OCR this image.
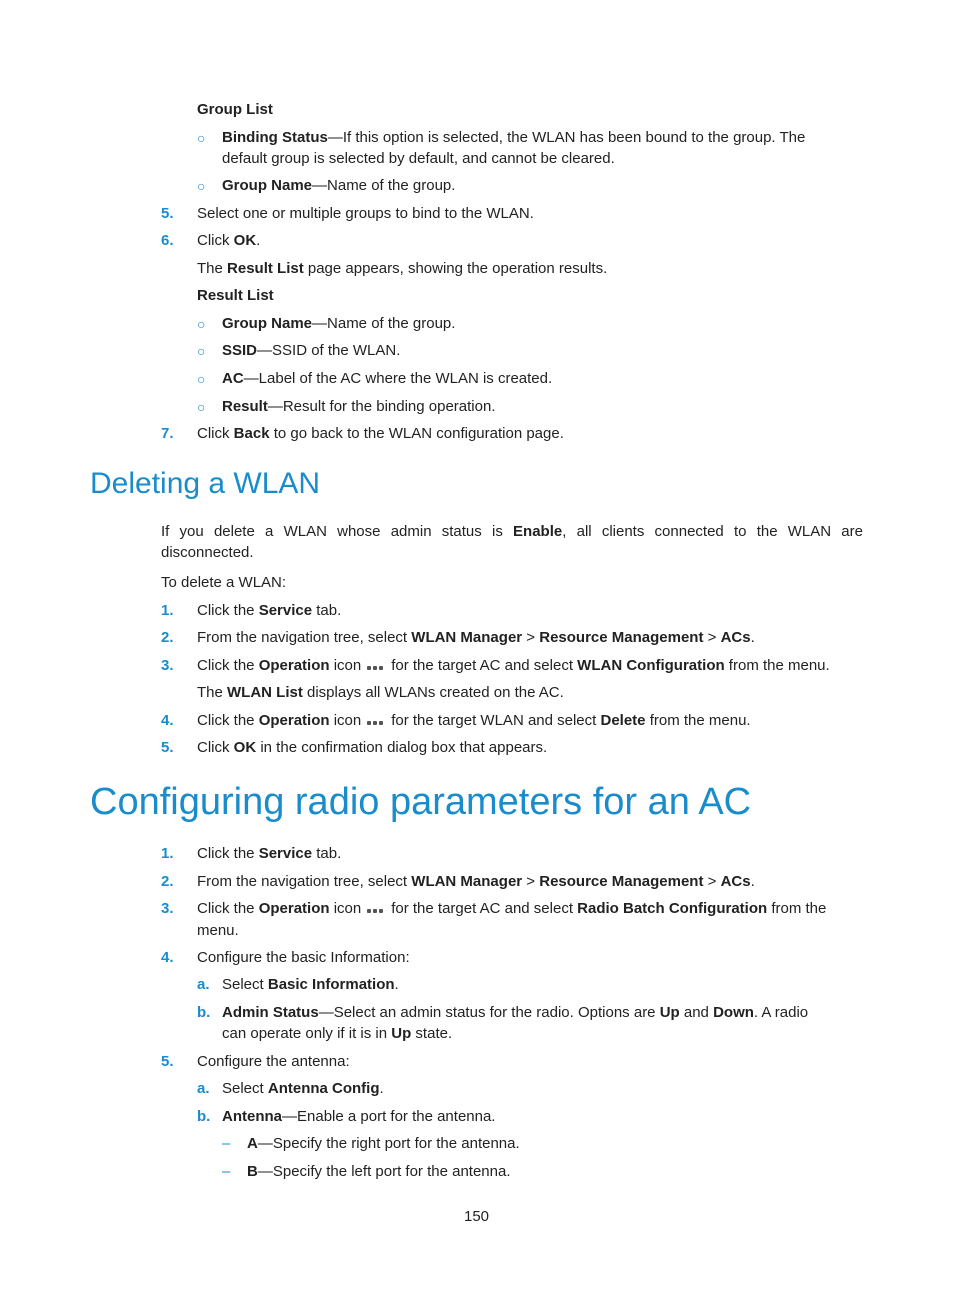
Group List
○ Binding Status—If this option is selected, the WLAN has been bound to the group. The
default group is selected by default, and cannot be cleared.
○ Group Name—Name of the group.
5. Select one or multiple groups to bind to the WLAN.
6. Click OK.
The Result List page appears, showing the operation results.
Result List
○ Group Name—Name of the group.
○ SSID—SSID of the WLAN.
○ AC—Label of the AC where the WLAN is created.
○ Result—Result for the binding operation.
7. Click Back to go back to the WLAN configuration page.
Deleting a WLAN
If you delete a WLAN whose admin status is Enable, all clients connected to the WLAN are
disconnected.
To delete a WLAN:
1. Click the Service tab.
2. From the navigation tree, select WLAN Manager > Resource Management > ACs.
3. Click the Operation icon for the target AC and select WLAN Configuration from the menu.
The WLAN List displays all WLANs created on the AC.
4. Click the Operation icon for the target WLAN and select Delete from the menu.
5. Click OK in the confirmation dialog box that appears.
Configuring radio parameters for an AC
1. Click the Service tab.
2. From the navigation tree, select WLAN Manager > Resource Management > ACs.
3. Click the Operation icon for the target AC and select Radio Batch Configuration from the
menu.
4. Configure the basic Information:
a. Select Basic Information.
b. Admin Status—Select an admin status for the radio. Options are Up and Down. A radio
can operate only if it is in Up state.
5. Configure the antenna:
a. Select Antenna Config.
b. Antenna—Enable a port for the antenna.
– A—Specify the right port for the antenna.
– B—Specify the left port for the antenna.
150
